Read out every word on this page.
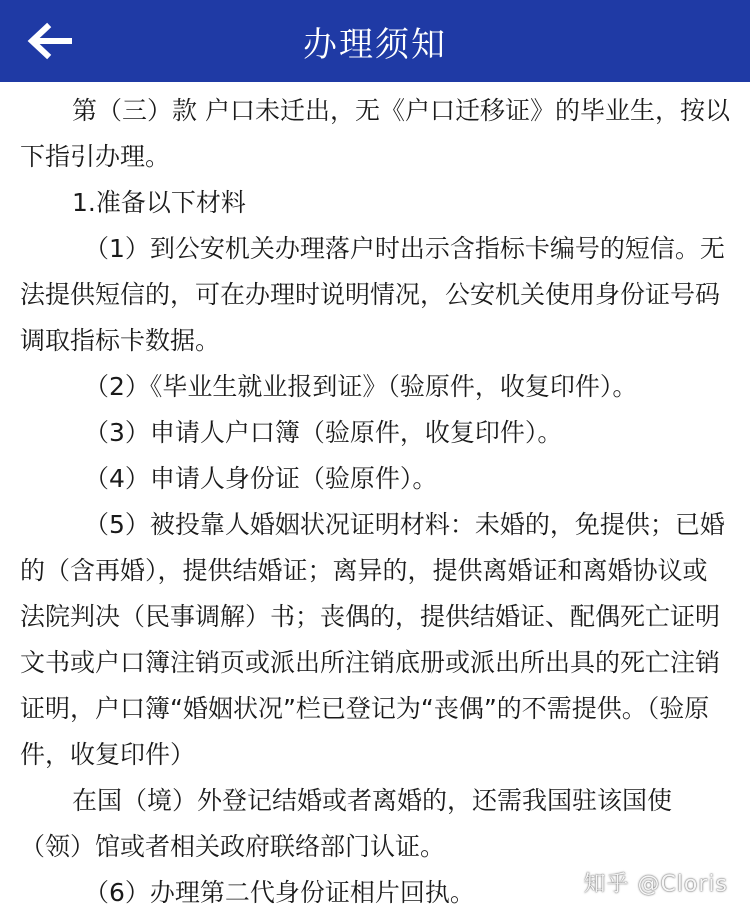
办理须知

第（三）款 户口未迁出，无《户口迁移证》的毕业生，按以下指引办理。

1.准备以下材料

（1）到公安机关办理落户时出示含指标卡编号的短信。无法提供短信的，可在办理时说明情况，公安机关使用身份证号码调取指标卡数据。

（2）《毕业生就业报到证》（验原件，收复印件）。

（3）申请人户口簿（验原件，收复印件）。

（4）申请人身份证（验原件）。

（5）被投靠人婚姻状况证明材料：未婚的，免提供；已婚的（含再婚），提供结婚证；离异的，提供离婚证和离婚协议或法院判决（民事调解）书；丧偶的，提供结婚证、配偶死亡证明文书或户口簿注销页或派出所注销底册或派出所出具的死亡注销证明，户口簿“婚姻状况”栏已登记为“丧偶”的不需提供。（验原件，收复印件）

在国（境）外登记结婚或者离婚的，还需我国驻该国使（领）馆或者相关政府联络部门认证。

（6）办理第二代身份证相片回执。	知乎 @Cloris
